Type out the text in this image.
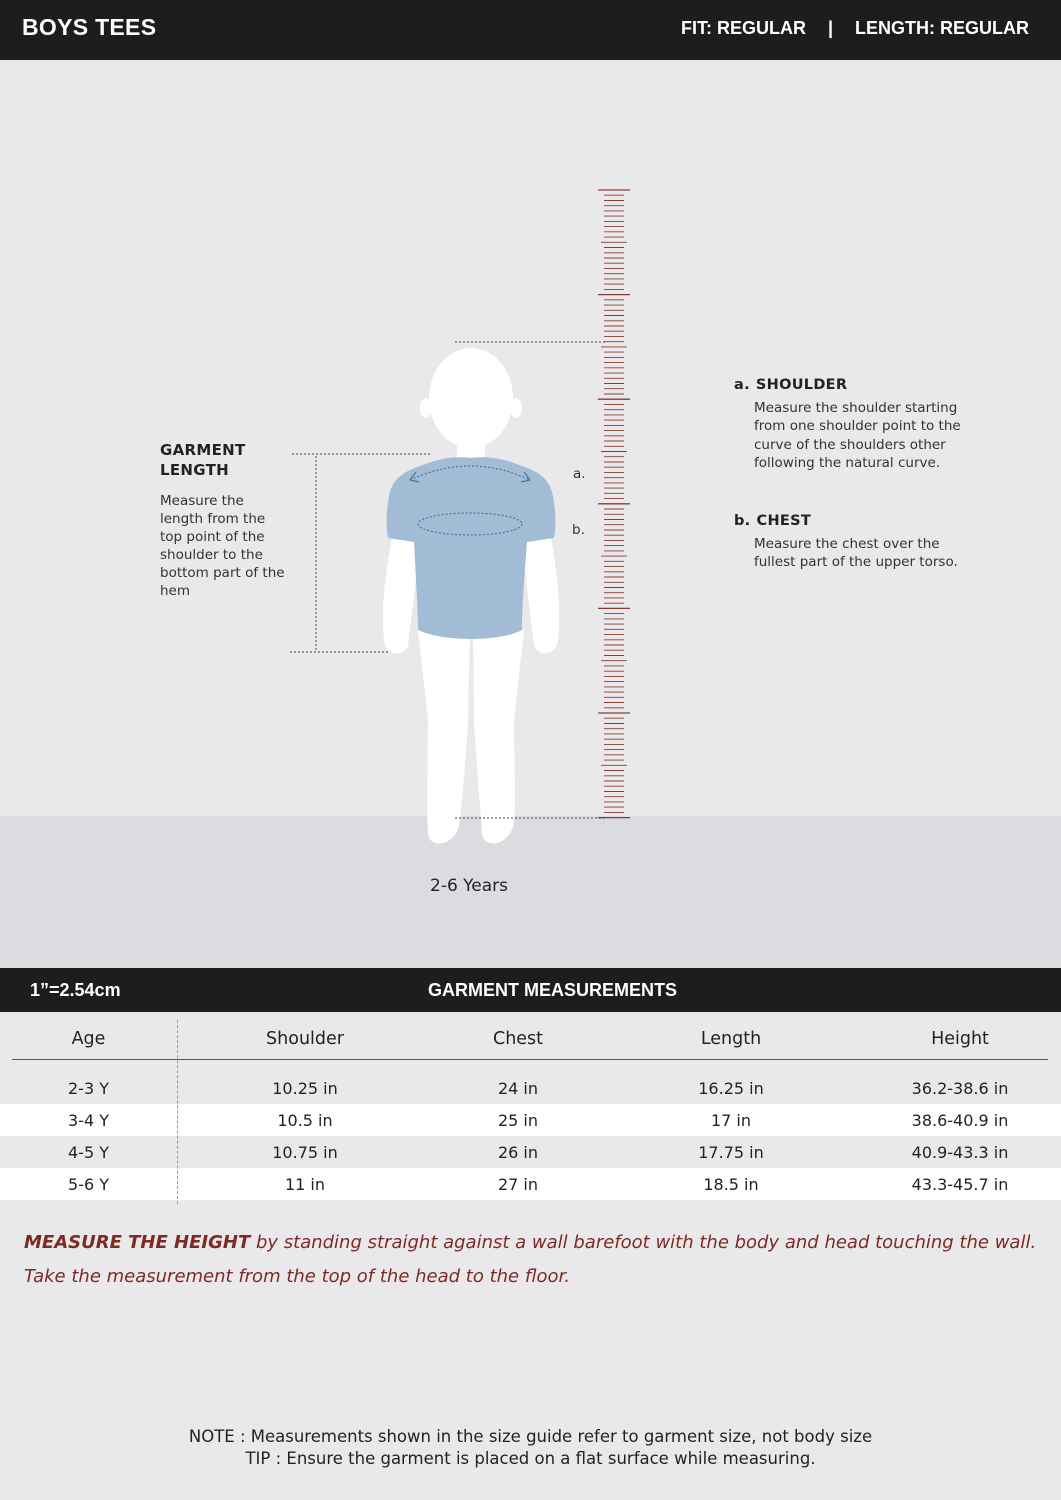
BOYS TEES	FIT: REGULAR | LENGTH: REGULAR
GARMENT LENGTH
Measure the length from the top point of the shoulder to the bottom part of the hem
a.
b.
a. SHOULDER
Measure the shoulder starting from one shoulder point to the curve of the shoulders other following the natural curve.
b. CHEST
Measure the chest over the fullest part of the upper torso.
2-6 Years
1”=2.54cm	GARMENT MEASUREMENTS
Age	Shoulder	Chest	Length	Height

2-3 Y	10.25 in	24 in	16.25 in	36.2-38.6 in
3-4 Y	10.5 in	25 in	17 in	38.6-40.9 in
4-5 Y	10.75 in	26 in	17.75 in	40.9-43.3 in
5-6 Y	11 in	27 in	18.5 in	43.3-45.7 in
MEASURE THE HEIGHT by standing straight against a wall barefoot with the body and head touching the wall.
Take the measurement from the top of the head to the floor.
NOTE : Measurements shown in the size guide refer to garment size, not body size
TIP : Ensure the garment is placed on a flat surface while measuring.
